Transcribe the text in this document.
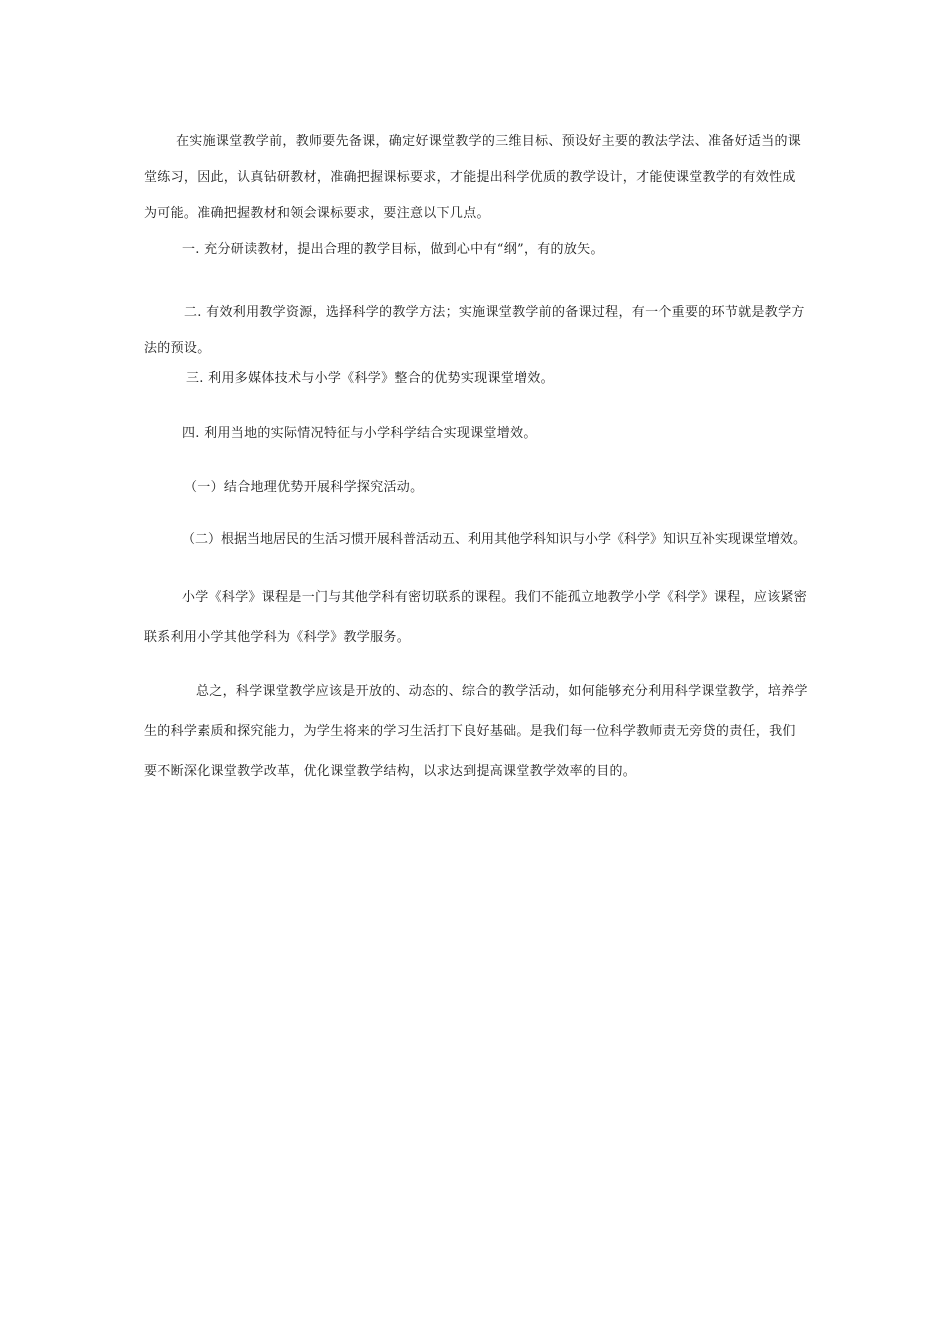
在实施课堂教学前，教师要先备课，确定好课堂教学的三维目标、预设好主要的教法学法、准备好适当的课堂练习，因此，认真钻研教材，准确把握课标要求，才能提出科学优质的教学设计，才能使课堂教学的有效性成为可能。准确把握教材和领会课标要求，要注意以下几点。

一. 充分研读教材，提出合理的教学目标，做到心中有“纲”，有的放矢。

二. 有效利用教学资源，选择科学的教学方法；实施课堂教学前的备课过程，有一个重要的环节就是教学方法的预设。

三. 利用多媒体技术与小学《科学》整合的优势实现课堂增效。

四. 利用当地的实际情况特征与小学科学结合实现课堂增效。

（一）结合地理优势开展科学探究活动。

（二）根据当地居民的生活习惯开展科普活动五、利用其他学科知识与小学《科学》知识互补实现课堂增效。

小学《科学》课程是一门与其他学科有密切联系的课程。我们不能孤立地教学小学《科学》课程，应该紧密联系利用小学其他学科为《科学》教学服务。

总之，科学课堂教学应该是开放的、动态的、综合的教学活动，如何能够充分利用科学课堂教学，培养学生的科学素质和探究能力，为学生将来的学习生活打下良好基础。是我们每一位科学教师责无旁贷的责任，我们要不断深化课堂教学改革，优化课堂教学结构，以求达到提高课堂教学效率的目的。
